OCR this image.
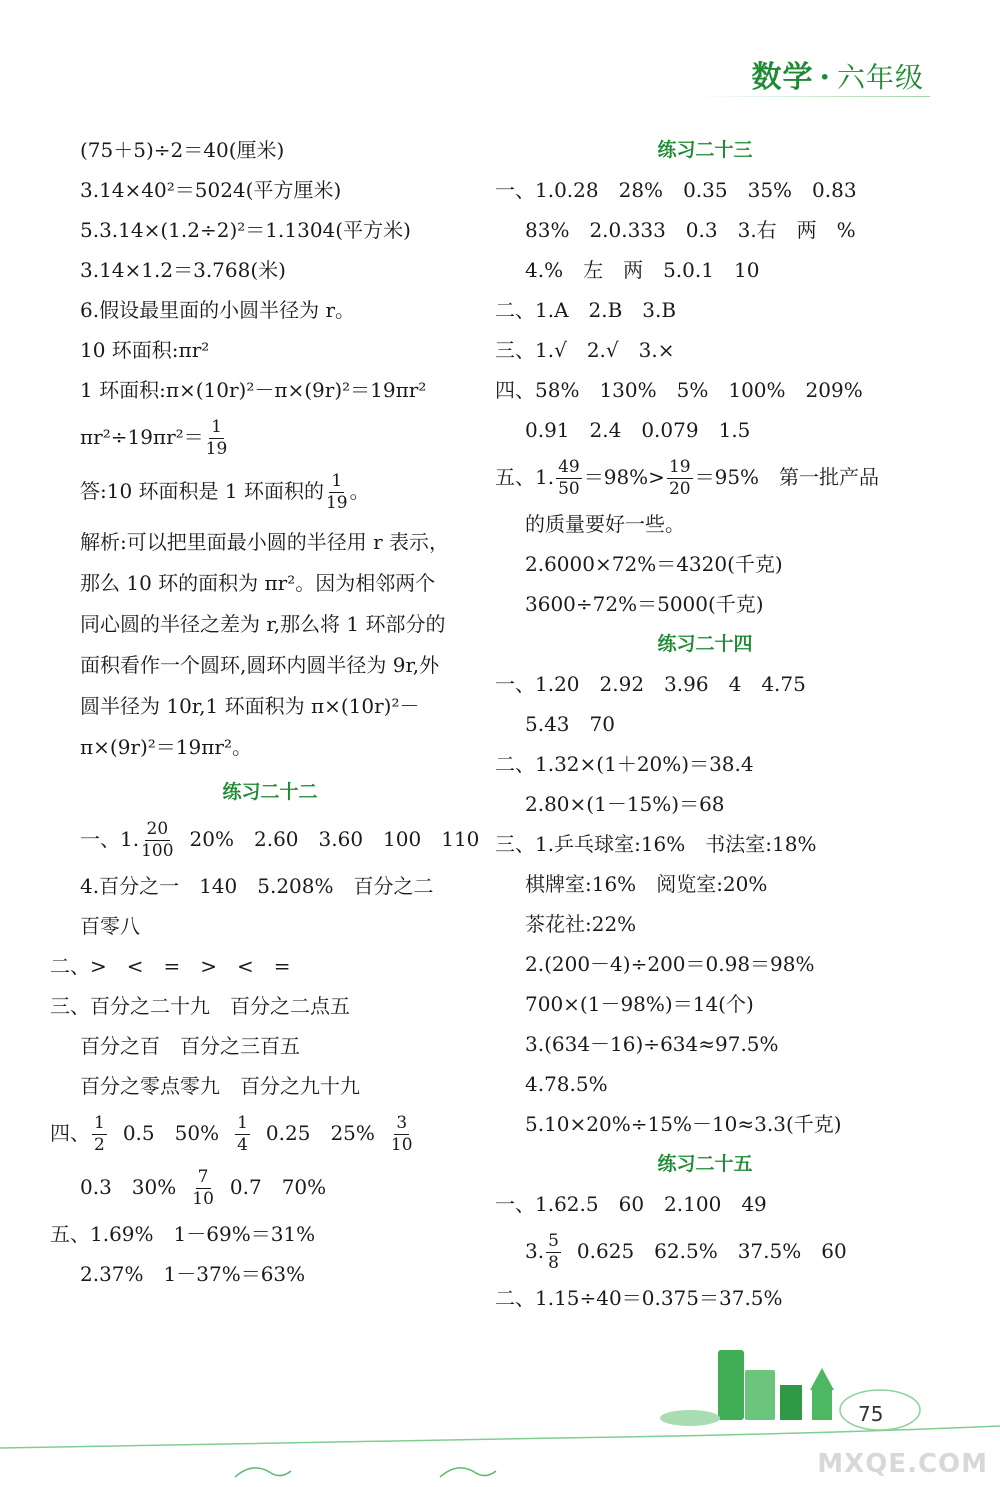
数学 · 六年级
(75＋5)÷2＝40(厘米)
3.14×40²＝5024(平方厘米)
5.3.14×(1.2÷2)²＝1.1304(平方米)
3.14×1.2＝3.768(米)
6.假设最里面的小圆半径为 r。
10 环面积:πr²
1 环面积:π×(10r)²－π×(9r)²＝19πr²
$\pi r^2\div 19\pi r^2= \frac{1}{19}$
答:10 环面积是 1 环面积的 $\frac{1}{19}$ 。
解析:可以把里面最小圆的半径用 r 表示，那么 10 环的面积为 πr²。因为相邻两个同心圆的半径之差为 r,那么将 1 环部分的面积看作一个圆环,圆环内圆半径为 9r,外圆半径为 10r,1 环面积为 π×(10r)²－π×(9r)²＝19πr²。
练习二十二
一、1. $\frac{20}{100} 20\%$　2.60　3.60　100　110
4.百分之一　140　5.208%　百分之二
百零八
二、>　<　=　>　<　=
三、百分之二十九　百分之二点五
百分之百　百分之三百五
百分之零点零九　百分之九十九
四、 $\frac{1}{2} 0.5$　$50\% \frac{1}{4} 0.25$　$25\% \frac{3}{10}$
0.3　$30\% \frac{7}{10} 0.7$　70%
五、1.69%　1－69%＝31%
2.37%　1－37%＝63%
练习二十三
一、1.0.28　28%　0.35　35%　0.83
83%　2.0.333　0.3　3.右　两　%
4.%　左　两　5.0.1　10
二、1.A　2.B　3.B
三、1.√　2.√　3.×
四、58%　130%　5%　100%　209%
0.91　2.4　0.079　1.5
五、1. $\frac{49}{50} =98\%> \frac{19}{20} =95\%$　第一批产品
的质量要好一些。
2.6000×72%＝4320(千克)
3600÷72%＝5000(千克)
练习二十四
一、1.20　2.92　3.96　4　4.75
5.43　70
二、1.32×(1＋20%)＝38.4
2.80×(1－15%)＝68
三、1.乒乓球室:16%　书法室:18%
棋牌室:16%　阅览室:20%
茶花社:22%
2.(200－4)÷200＝0.98＝98%
700×(1－98%)＝14(个)
3.(634－16)÷634≈97.5%
4.78.5%
5.10×20%÷15%－10≈3.3(千克)
练习二十五
一、1.62.5　60　2.100　49
3. $\frac{5}{8} 0.625$　62.5%　37.5%　60
二、1.15÷40＝0.375＝37.5%
75
MXQE.COM
